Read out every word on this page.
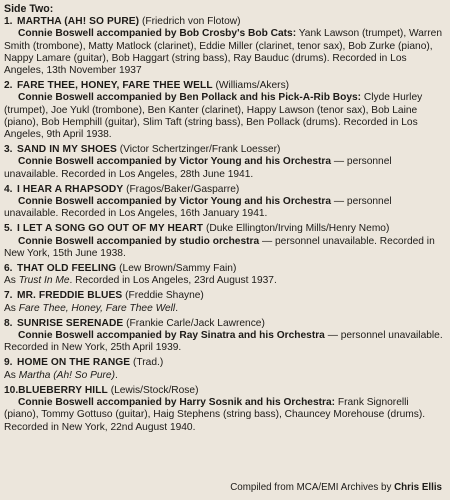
Side Two:
1. MARTHA (AH! SO PURE) (Friedrich von Flotow)
Connie Boswell accompanied by Bob Crosby's Bob Cats: Yank Lawson (trumpet), Warren Smith (trombone), Matty Matlock (clarinet), Eddie Miller (clarinet, tenor sax), Bob Zurke (piano), Nappy Lamare (guitar), Bob Haggart (string bass), Ray Bauduc (drums). Recorded in Los Angeles, 13th November 1937
2. FARE THEE, HONEY, FARE THEE WELL (Williams/Akers)
Connie Boswell accompanied by Ben Pollack and his Pick-A-Rib Boys: Clyde Hurley (trumpet), Joe Yukl (trombone), Ben Kanter (clarinet), Happy Lawson (tenor sax), Bob Laine (piano), Bob Hemphill (guitar), Slim Taft (string bass), Ben Pollack (drums). Recorded in Los Angeles, 9th April 1938.
3. SAND IN MY SHOES (Victor Schertzinger/Frank Loesser)
Connie Boswell accompanied by Victor Young and his Orchestra — personnel unavailable. Recorded in Los Angeles, 28th June 1941.
4. I HEAR A RHAPSODY (Fragos/Baker/Gasparre)
Connie Boswell accompanied by Victor Young and his Orchestra — personnel unavailable. Recorded in Los Angeles, 16th January 1941.
5. I LET A SONG GO OUT OF MY HEART (Duke Ellington/Irving Mills/Henry Nemo)
Connie Boswell accompanied by studio orchestra — personnel unavailable. Recorded in New York, 15th June 1938.
6. THAT OLD FEELING (Lew Brown/Sammy Fain)
As Trust In Me. Recorded in Los Angeles, 23rd August 1937.
7. MR. FREDDIE BLUES (Freddie Shayne)
As Fare Thee, Honey, Fare Thee Well.
8. SUNRISE SERENADE (Frankie Carle/Jack Lawrence)
Connie Boswell accompanied by Ray Sinatra and his Orchestra — personnel unavailable. Recorded in New York, 25th April 1939.
9. HOME ON THE RANGE (Trad.)
As Martha (Ah! So Pure).
10.BLUEBERRY HILL (Lewis/Stock/Rose)
Connie Boswell accompanied by Harry Sosnik and his Orchestra: Frank Signorelli (piano), Tommy Gottuso (guitar), Haig Stephens (string bass), Chauncey Morehouse (drums). Recorded in New York, 22nd August 1940.
Compiled from MCA/EMI Archives by Chris Ellis
